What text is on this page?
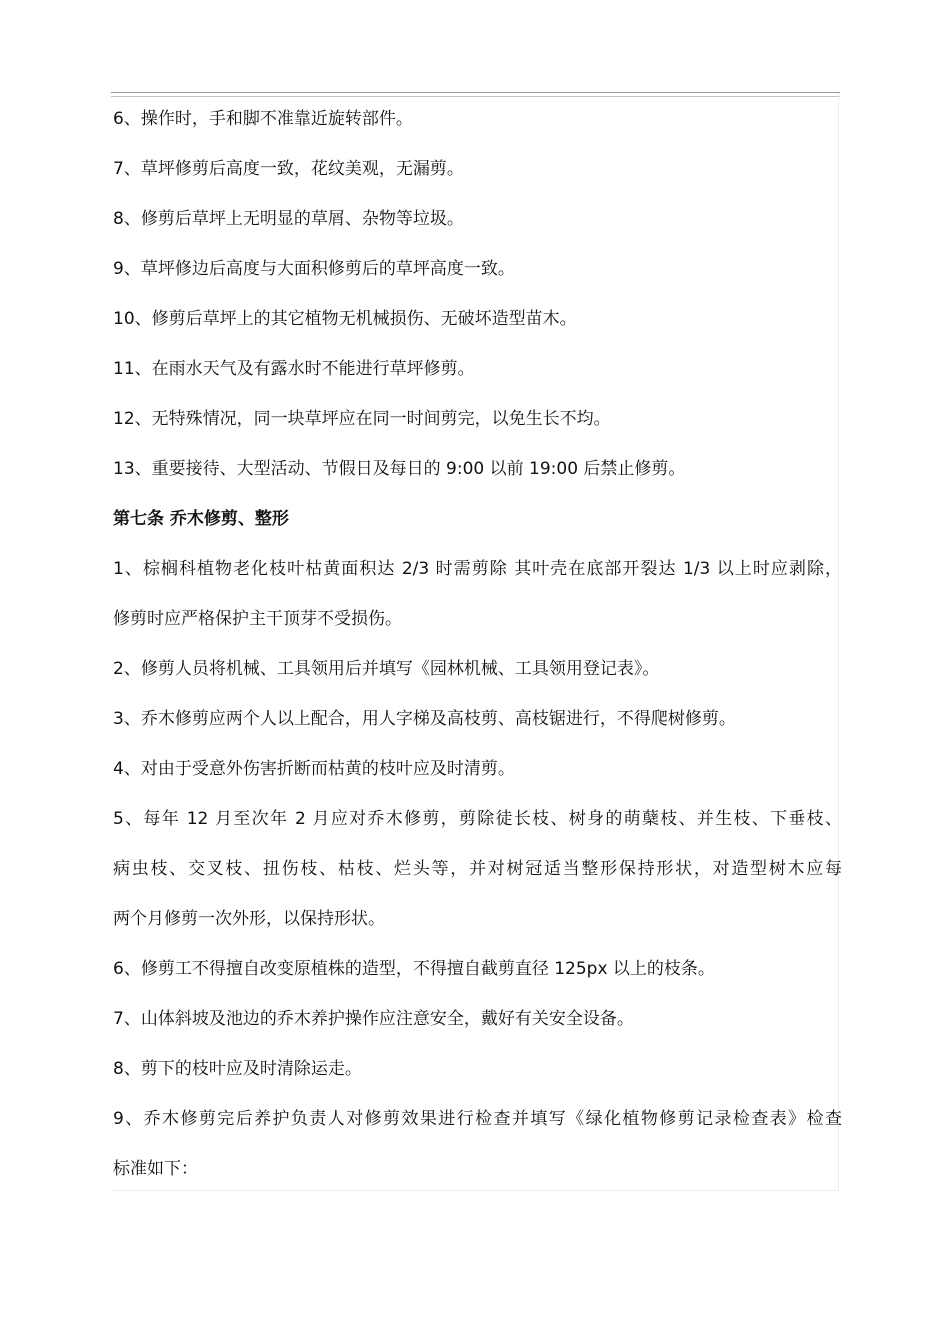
6、操作时，手和脚不准靠近旋转部件。

7、草坪修剪后高度一致，花纹美观，无漏剪。

8、修剪后草坪上无明显的草屑、杂物等垃圾。

9、草坪修边后高度与大面积修剪后的草坪高度一致。

10、修剪后草坪上的其它植物无机械损伤、无破坏造型苗木。

11、在雨水天气及有露水时不能进行草坪修剪。

12、无特殊情况，同一块草坪应在同一时间剪完，以免生长不均。

13、重要接待、大型活动、节假日及每日的 9:00 以前 19:00 后禁止修剪。

第七条 乔木修剪、整形

1、棕榈科植物老化枝叶枯黄面积达 2/3 时需剪除 其叶壳在底部开裂达 1/3 以上时应剥除，

修剪时应严格保护主干顶芽不受损伤。

2、修剪人员将机械、工具领用后并填写《园林机械、工具领用登记表》。

3、乔木修剪应两个人以上配合，用人字梯及高枝剪、高枝锯进行，不得爬树修剪。

4、对由于受意外伤害折断而枯黄的枝叶应及时清剪。

5、每年 12 月至次年 2 月应对乔木修剪，剪除徒长枝、树身的萌蘖枝、并生枝、下垂枝、

病虫枝、交叉枝、扭伤枝、枯枝、烂头等，并对树冠适当整形保持形状，对造型树木应每

两个月修剪一次外形，以保持形状。

6、修剪工不得擅自改变原植株的造型，不得擅自截剪直径 125px 以上的枝条。

7、山体斜坡及池边的乔木养护操作应注意安全，戴好有关安全设备。

8、剪下的枝叶应及时清除运走。

9、乔木修剪完后养护负责人对修剪效果进行检查并填写《绿化植物修剪记录检查表》检查

标准如下：
